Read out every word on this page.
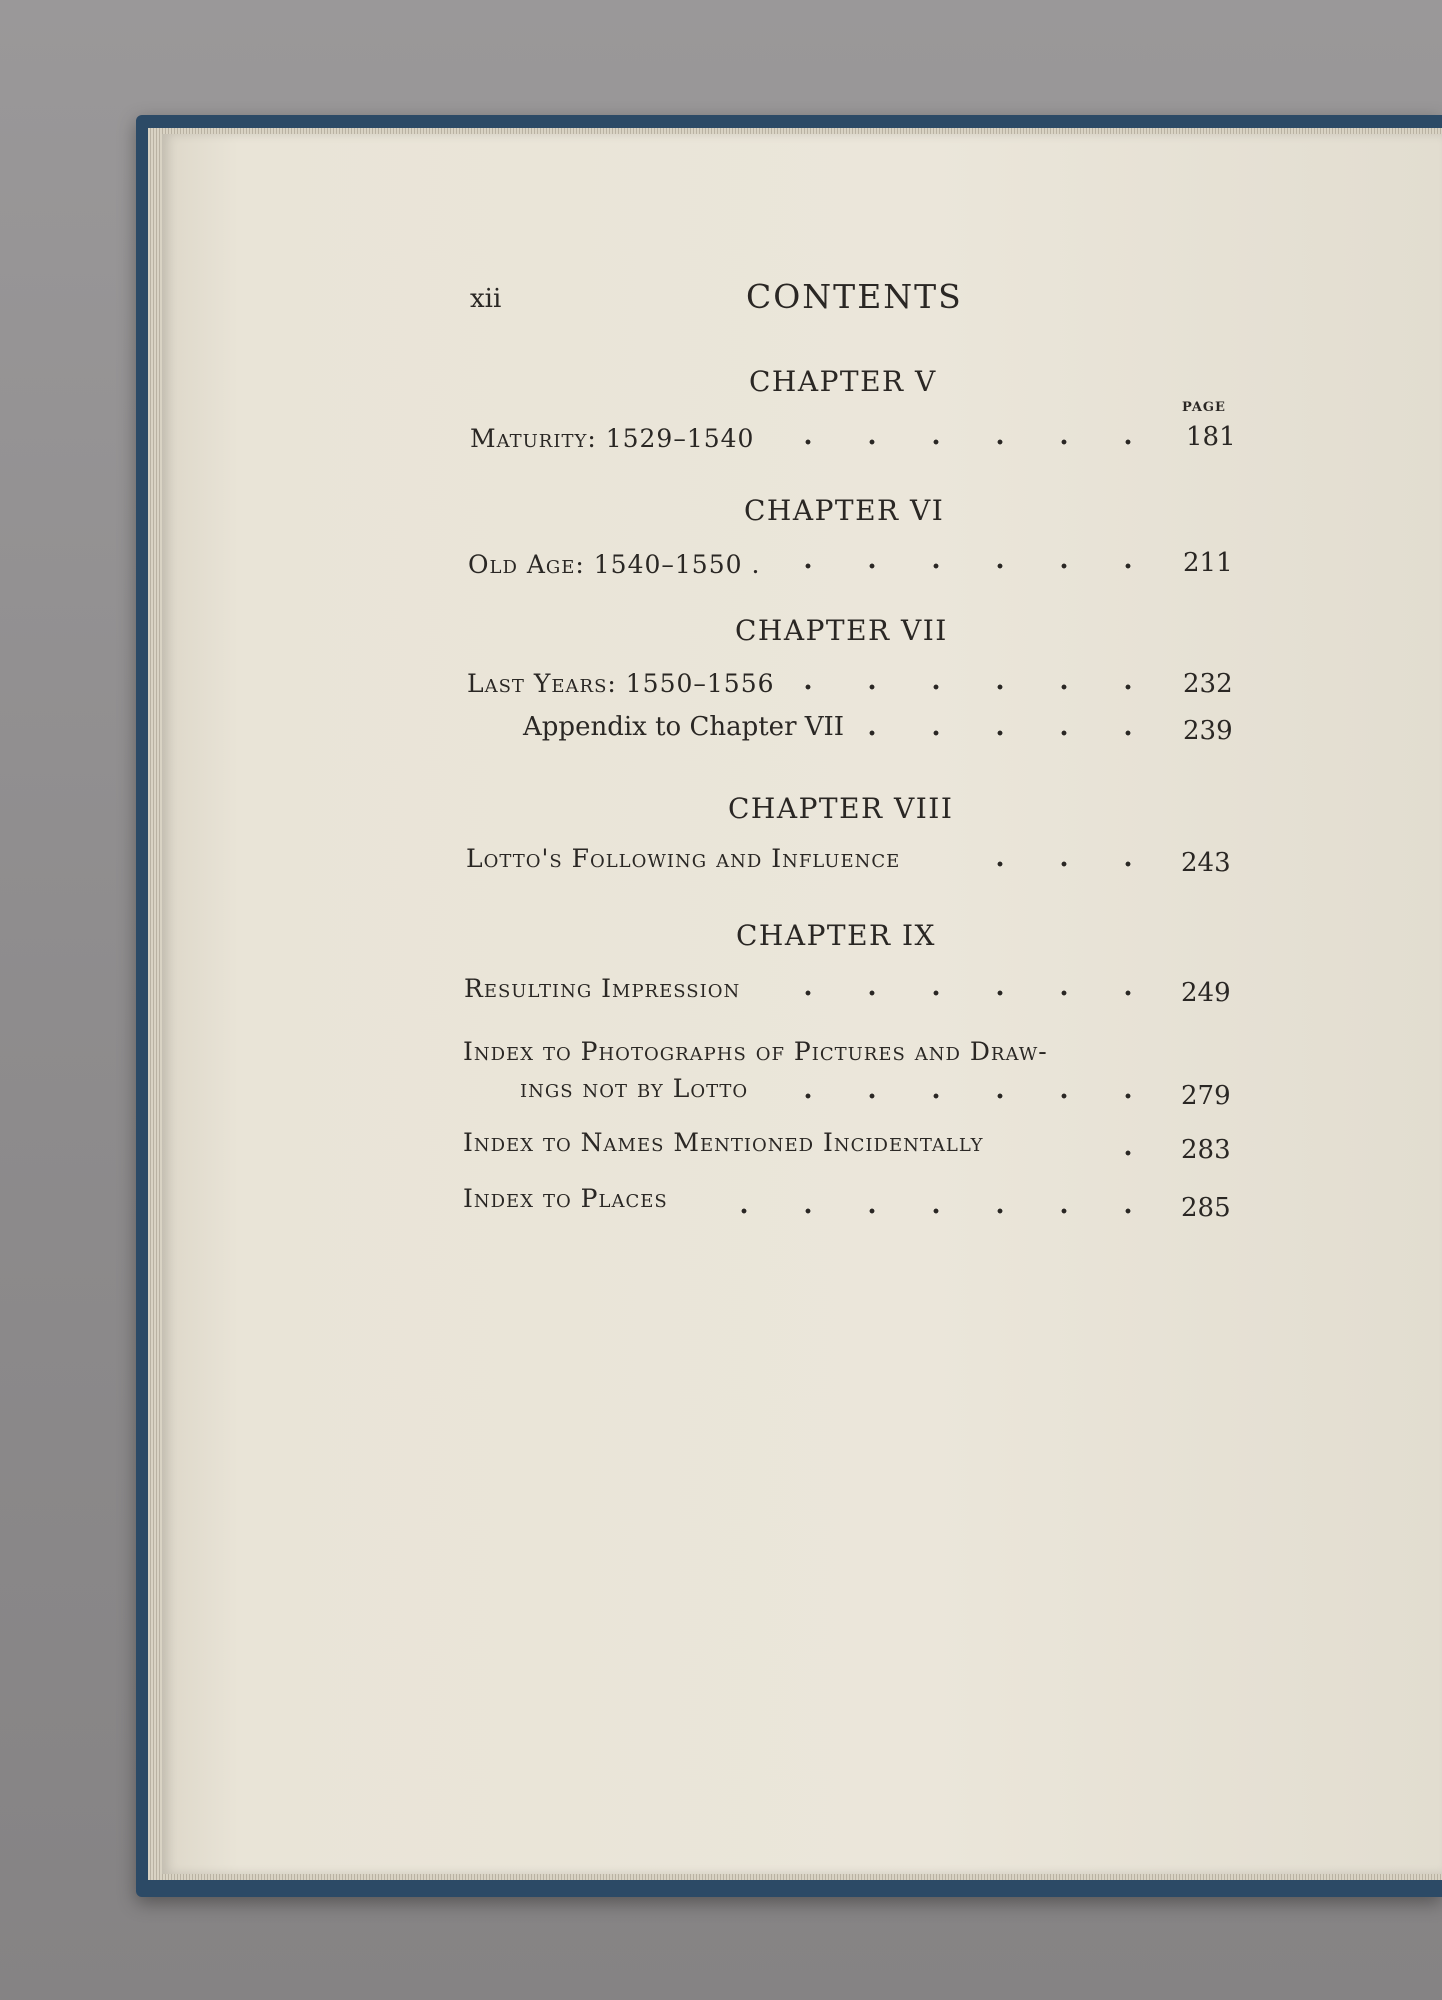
xii	CONTENTS
CHAPTER V
PAGE
Maturity: 1529–1540	181
CHAPTER VI
Old Age: 1540–1550 .	211
CHAPTER VII
Last Years: 1550–1556	232
Appendix to Chapter VII	239
CHAPTER VIII
Lotto's Following and Influence	243
CHAPTER IX
Resulting Impression	249
Index to Photographs of Pictures and Draw-
ings not by Lotto	279
Index to Names Mentioned Incidentally	283
Index to Places	285
